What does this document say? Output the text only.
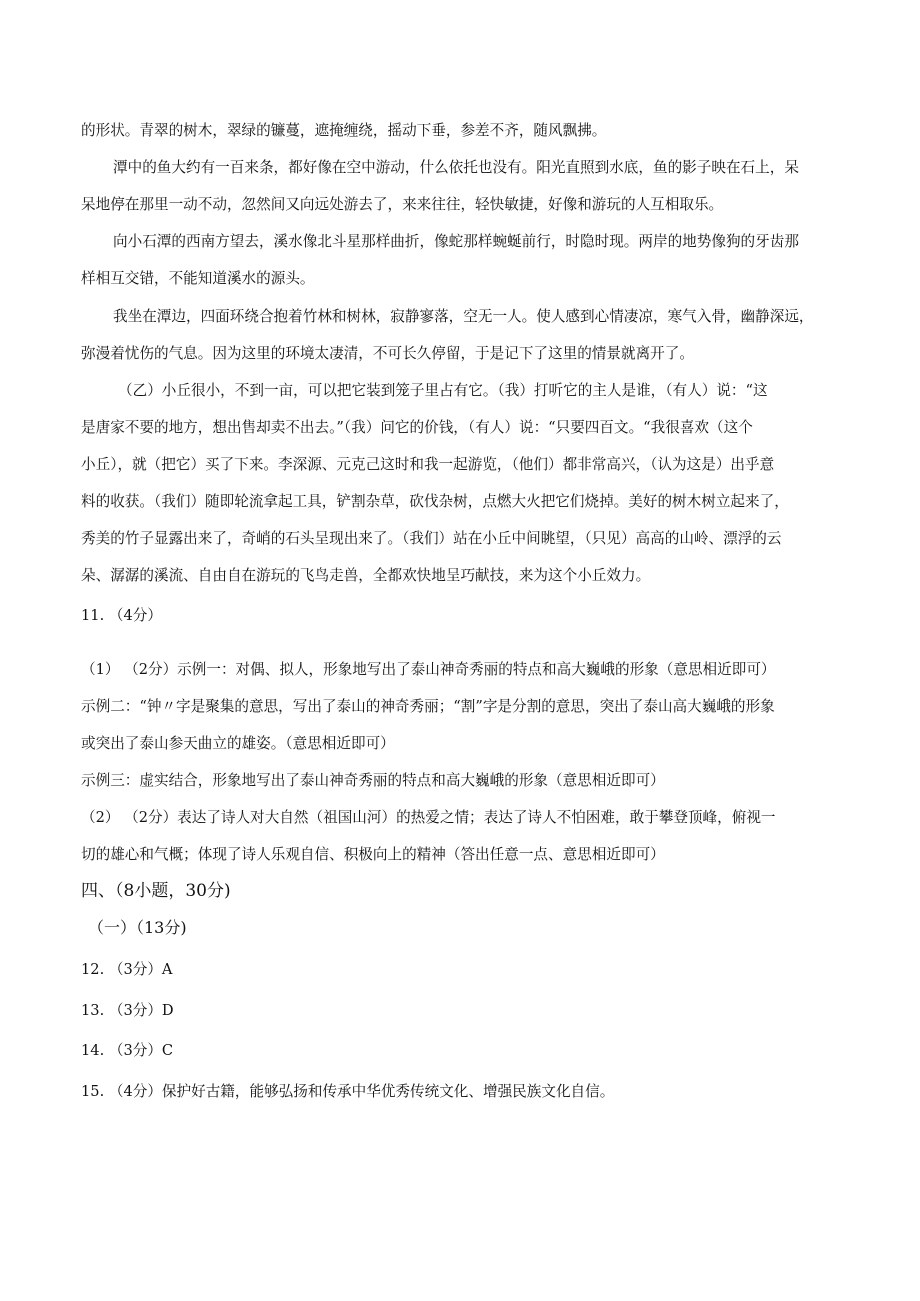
的形状。青翠的树木，翠绿的镰蔓，遮掩缠绕，摇动下垂，参差不齐，随风飘拂。
潭中的鱼大约有一百来条，都好像在空中游动，什么依托也没有。阳光直照到水底，鱼的影子映在石上，呆
呆地停在那里一动不动，忽然间又向远处游去了，来来往往，轻快敏捷，好像和游玩的人互相取乐。
向小石潭的西南方望去，溪水像北斗星那样曲折，像蛇那样蜿蜒前行，时隐时现。两岸的地势像狗的牙齿那
样相互交错，不能知道溪水的源头。
我坐在潭边，四面环绕合抱着竹林和树林，寂静寥落，空无一人。使人感到心情凄凉，寒气入骨，幽静深远，
弥漫着忧伤的气息。因为这里的环境太凄清，不可长久停留，于是记下了这里的情景就离开了。
（乙）小丘很小，不到一亩，可以把它装到笼子里占有它。（我）打听它的主人是谁，（有人）说：“这
是唐家不要的地方，想出售却卖不出去。”（我）问它的价钱，（有人）说：“只要四百文。“我很喜欢（这个
小丘），就（把它）买了下来。李深源、元克己这时和我一起游览，（他们）都非常高兴，（认为这是）出乎意
料的收获。（我们）随即轮流拿起工具，铲割杂草，砍伐杂树，点燃大火把它们烧掉。美好的树木树立起来了，
秀美的竹子显露出来了，奇峭的石头呈现出来了。（我们）站在小丘中间眺望，（只见）高高的山岭、漂浮的云
朵、潺潺的溪流、自由自在游玩的飞鸟走兽，全都欢快地呈巧献技，来为这个小丘效力。
11. （4分）
（1） （2分）示例一：对偶、拟人，形象地写出了泰山神奇秀丽的特点和高大巍峨的形象（意思相近即可）
示例二：“钟〃字是聚集的意思，写出了泰山的神奇秀丽；“割”字是分割的意思，突出了泰山高大巍峨的形象
或突出了泰山参天曲立的雄姿。（意思相近即可）
示例三：虚实结合，形象地写出了泰山神奇秀丽的特点和高大巍峨的形象（意思相近即可）
（2） （2分）表达了诗人对大自然（祖国山河）的热爱之情；表达了诗人不怕困难，敢于攀登顶峰，俯视一
切的雄心和气概；体现了诗人乐观自信、积极向上的精神（答出任意一点、意思相近即可）
四、（8小题，30分)
（一）（13分)
12. （3分）A
13. （3分）D
14. （3分）C
15. （4分）保护好古籍，能够弘扬和传承中华优秀传统文化、增强民族文化自信。
